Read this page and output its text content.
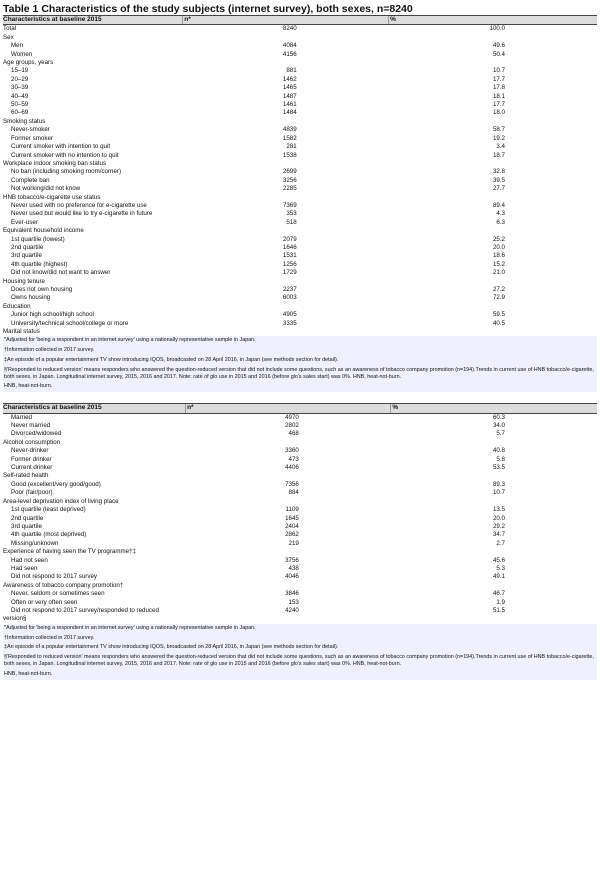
Table 1 Characteristics of the study subjects (internet survey), both sexes, n=8240
Characteristics at baseline 2015	n*	%
Total	8240	100.0
Sex		
Men	4084	49.6
Women	4156	50.4
Age groups, years		
15–19	881	10.7
20–29	1462	17.7
30–39	1465	17.8
40–49	1487	18.1
50–59	1461	17.7
60–69	1484	18.0
Smoking status		
Never-smoker	4839	58.7
Former smoker	1582	19.2
Current smoker with intention to quit	281	3.4
Current smoker with no intention to quit	1538	18.7
Workplace indoor smoking ban status		
No ban (including smoking room/corner)	2699	32.8
Complete ban	3256	39.5
Not working/did not know	2285	27.7
HNB tobacco/e-cigarette use status		
Never used with no preference for e-cigarette use	7369	89.4
Never used but would like to try e-cigarette in future	353	4.3
Ever-user	518	6.3
Equivalent household income		
1st quartile (lowest)	2079	25.2
2nd quartile	1646	20.0
3rd quartile	1531	18.6
4th quartile (highest)	1256	15.2
Did not know/did not want to answer	1729	21.0
Housing tenure		
Does not own housing	2237	27.2
Owns housing	6003	72.9
Education		
Junior high school/high school	4905	59.5
University/technical school/college or more	3335	40.5
Marital status		

*Adjusted for 'being a respondent in an internet survey' using a nationally representative sample in Japan.

†Information collected in 2017 survey.

‡An episode of a popular entertainment TV show introducing IQOS, broadcasted on 28 April 2016, in Japan (see methods section for detail).

§'Responded to reduced version' means responders who answered the question-reduced version that did not include some questions, such as an awareness of tobacco company promotion (n=194).Trends in current use of HNB tobacco/e-cigarette, both sexes, in Japan. Longitudinal internet survey, 2015, 2016 and 2017. Note: rate of glo use in 2015 and 2016 (before glo's sales start) was 0%. HNB, heat-not-burn.

HNB, heat-not-burn.

Characteristics at baseline 2015	n*	%
Married	4970	60.3
Never married	2802	34.0
Divorced/widowed	468	5.7
Alcohol consumption		
Never-drinker	3360	40.8
Former drinker	473	5.8
Current drinker	4406	53.5
Self-rated health		
Good (excellent/very good/good)	7356	89.3
Poor (fair/poor)	884	10.7
Area-level deprivation index of living place		
1st quartile (least deprived)	1109	13.5
2nd quartile	1645	20.0
3rd quartile	2404	29.2
4th quartile (most deprived)	2862	34.7
Missing/unknown	219	2.7
Experience of having seen the TV programme†‡		
Had not seen	3756	45.6
Had seen	438	5.3
Did not respond to 2017 survey	4046	49.1
Awareness of tobacco company promotion†		
Never, seldom or sometimes seen	3846	46.7
Often or very often seen	153	1.9
Did not respond to 2017 survey/responded to reduced	4240	51.5
version§		

*Adjusted for 'being a respondent in an internet survey' using a nationally representative sample in Japan.

†Information collected in 2017 survey.

‡An episode of a popular entertainment TV show introducing IQOS, broadcasted on 28 April 2016, in Japan (see methods section for detail).

§'Responded to reduced version' means responders who answered the question-reduced version that did not include some questions, such as an awareness of tobacco company promotion (n=194).Trends in current use of HNB tobacco/e-cigarette, both sexes, in Japan. Longitudinal internet survey, 2015, 2016 and 2017. Note: rate of glo use in 2015 and 2016 (before glo's sales start) was 0%. HNB, heat-not-burn.

HNB, heat-not-burn.
